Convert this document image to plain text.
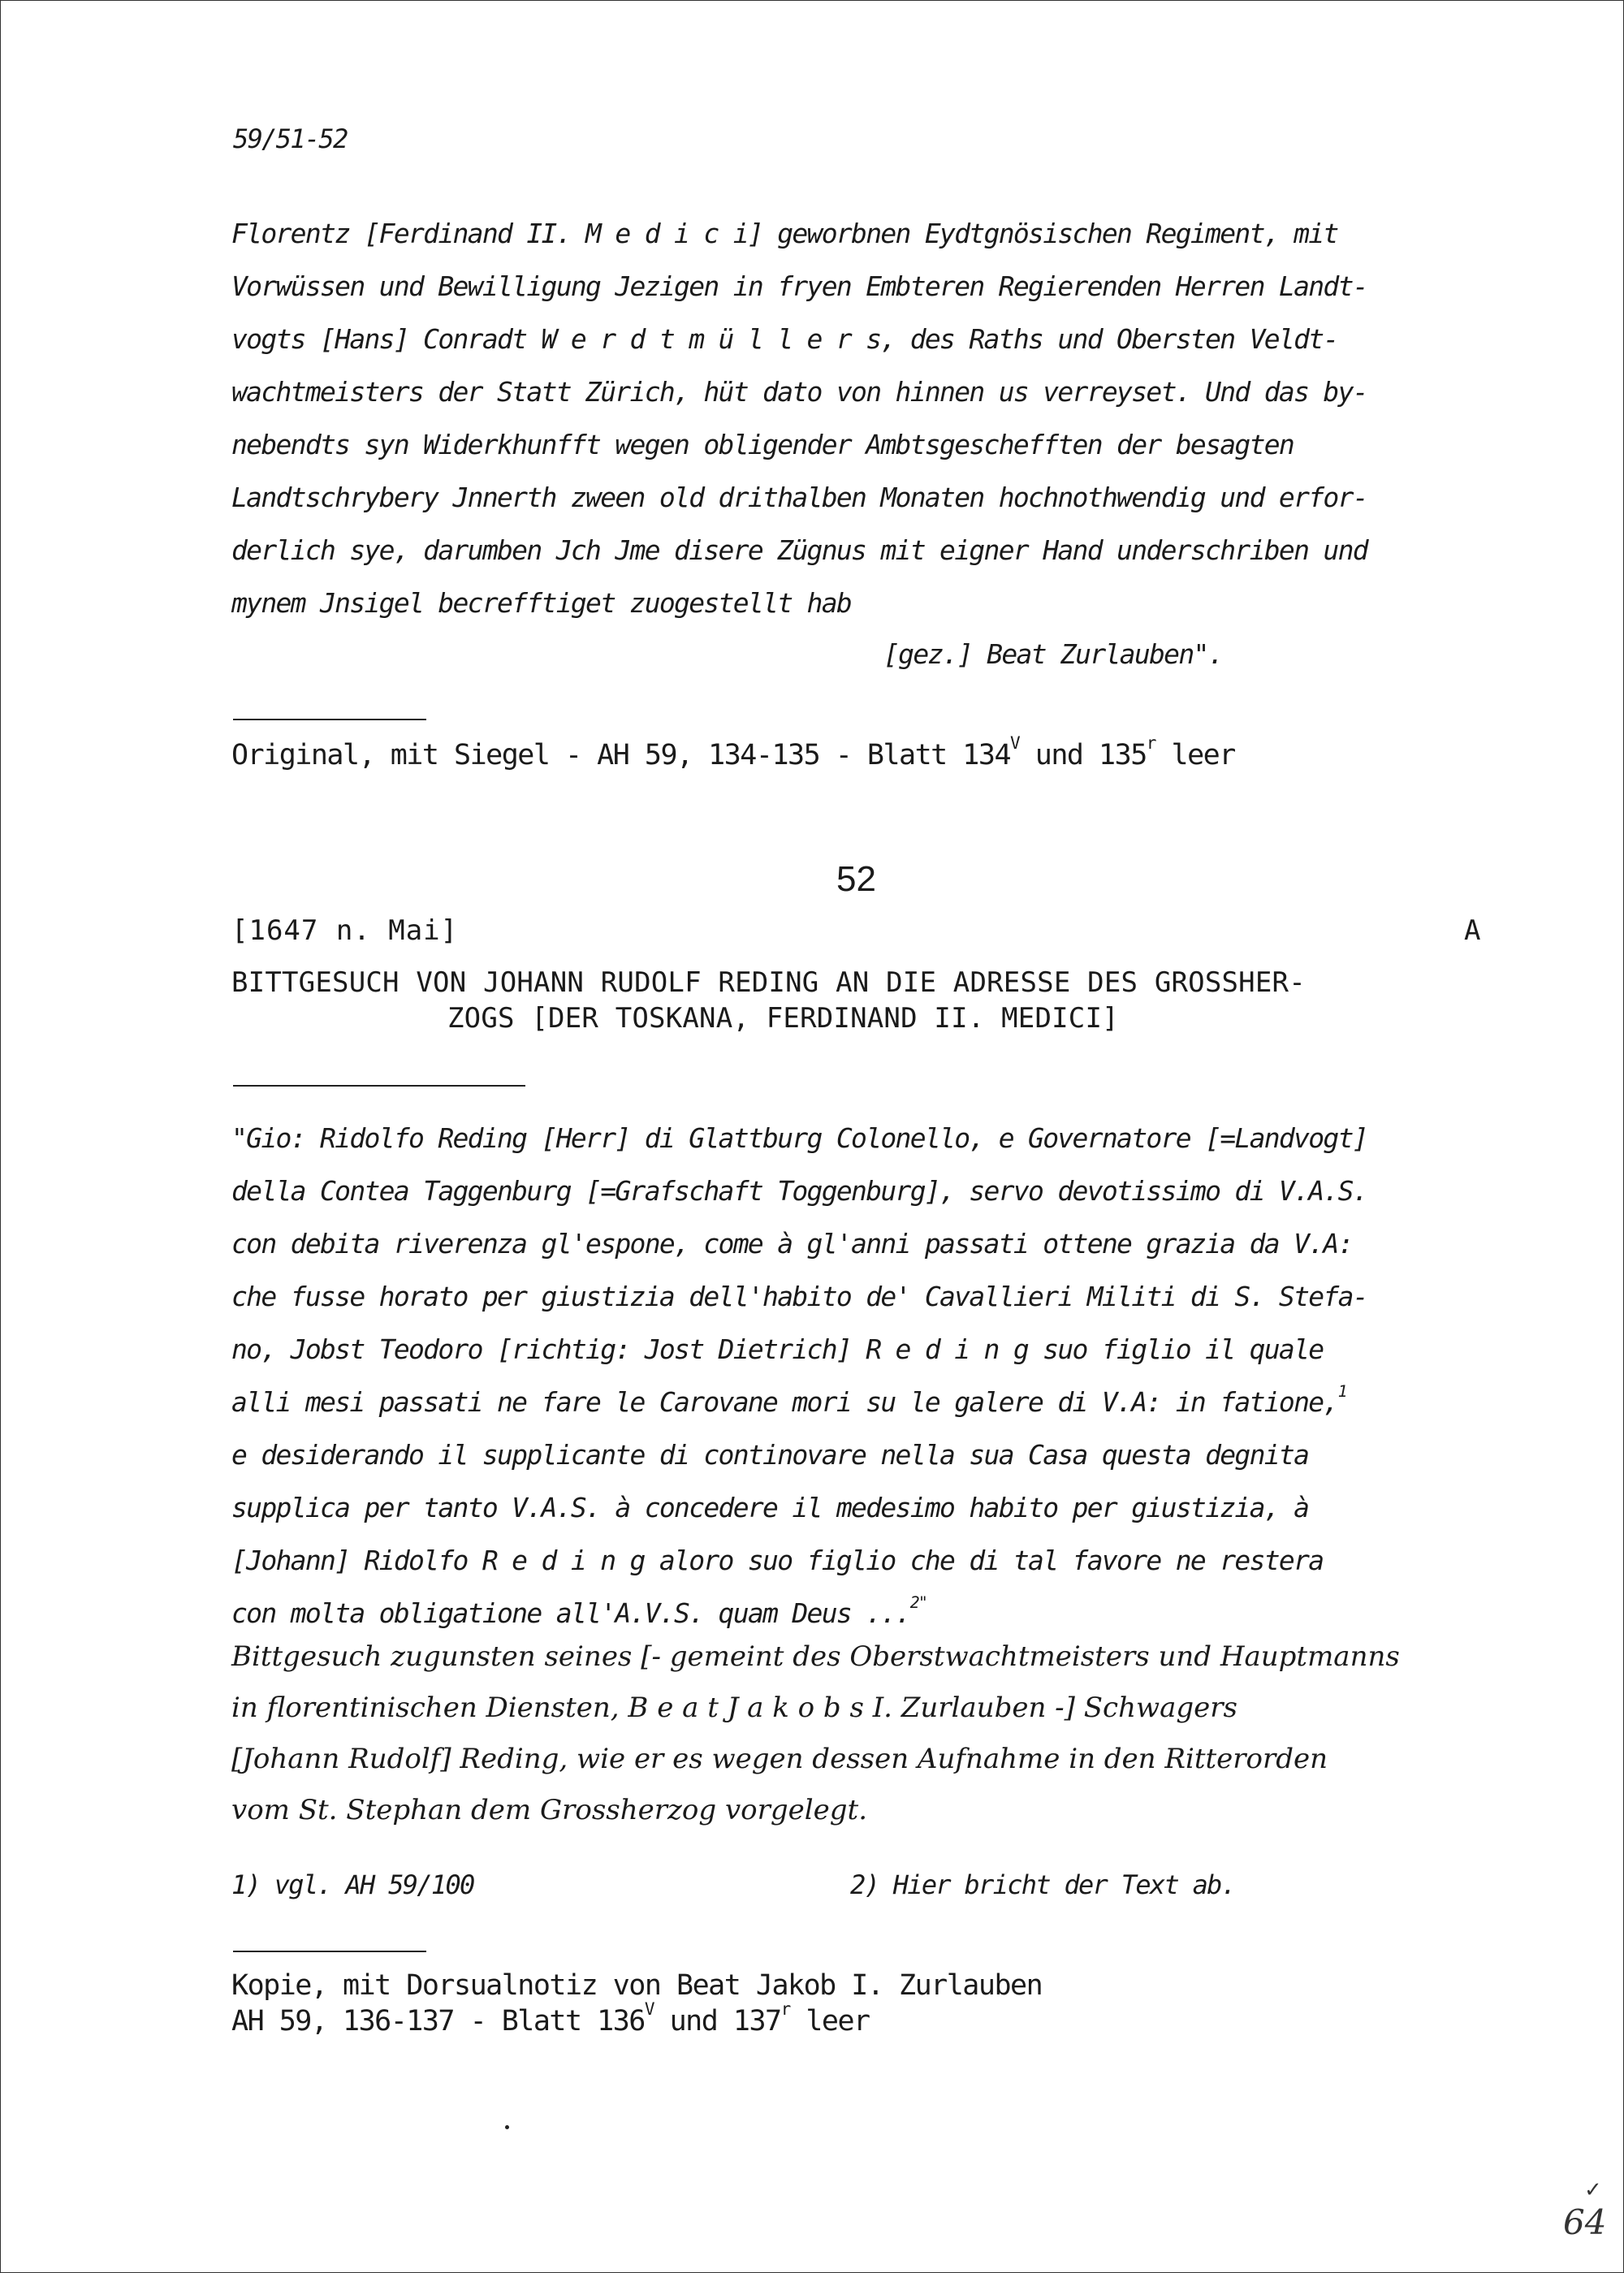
59/51-52
Florentz [Ferdinand II. M e d i c i] geworbnen Eydtgnösischen Regiment, mit
Vorwüssen und Bewilligung Jezigen in fryen Embteren Regierenden Herren Landt-
vogts [Hans] Conradt W e r d t m ü l l e r s, des Raths und Obersten Veldt-
wachtmeisters der Statt Zürich, hüt dato von hinnen us verreyset. Und das by-
nebendts syn Widerkhunfft wegen obligender Ambtsgeschefften der besagten
Landtschrybery Jnnerth zween old drithalben Monaten hochnothwendig und erfor-
derlich sye, darumben Jch Jme disere Zügnus mit eigner Hand underschriben und
mynem Jnsigel becrefftiget zuogestellt hab
[gez.] Beat Zurlauben".
Original, mit Siegel - AH 59, 134-135 - Blatt $134^V$ und 135$^r$ leer
52
[1647 n. Mai]	A
BITTGESUCH VON JOHANN RUDOLF REDING AN DIE ADRESSE DES GROSSHER-
ZOGS [DER TOSKANA, FERDINAND II. MEDICI]
"Gio: Ridolfo Reding [Herr] di Glattburg Colonello, e Governatore [=Landvogt]
della Contea Taggenburg [=Grafschaft Toggenburg], servo devotissimo di V.A.S.
con debita riverenza gl'espone, come à gl'anni passati ottene grazia da V.A:
che fusse horato per giustizia dell'habito de' Cavallieri Militi di S. Stefa-
no, Jobst Teodoro [richtig: Jost Dietrich] R e d i n g suo figlio il quale
alli mesi passati ne fare le Carovane mori su le galere di V.A: in fatione,$^1$
e desiderando il supplicante di continovare nella sua Casa questa degnita
supplica per tanto V.A.S. à concedere il medesimo habito per giustizia, à
[Johann] Ridolfo R e d i n g aloro suo figlio che di tal favore ne restera
con molta obligatione all'A.V.S. quam Deus ...$^{2"}$
Bittgesuch zugunsten seines [- gemeint des Oberstwachtmeisters und Hauptmanns
in florentinischen Diensten, B e a t J a k o b s I. Zurlauben -] Schwagers
[Johann Rudolf] Reding, wie er es wegen dessen Aufnahme in den Ritterorden
vom St. Stephan dem Grossherzog vorgelegt.
1) vgl. AH 59/100	2) Hier bricht der Text ab.
Kopie, mit Dorsualnotiz von Beat Jakob I. Zurlauben
AH 59, 136-137 - Blatt $136^V$ und 137$^r$ leer
✓
64
